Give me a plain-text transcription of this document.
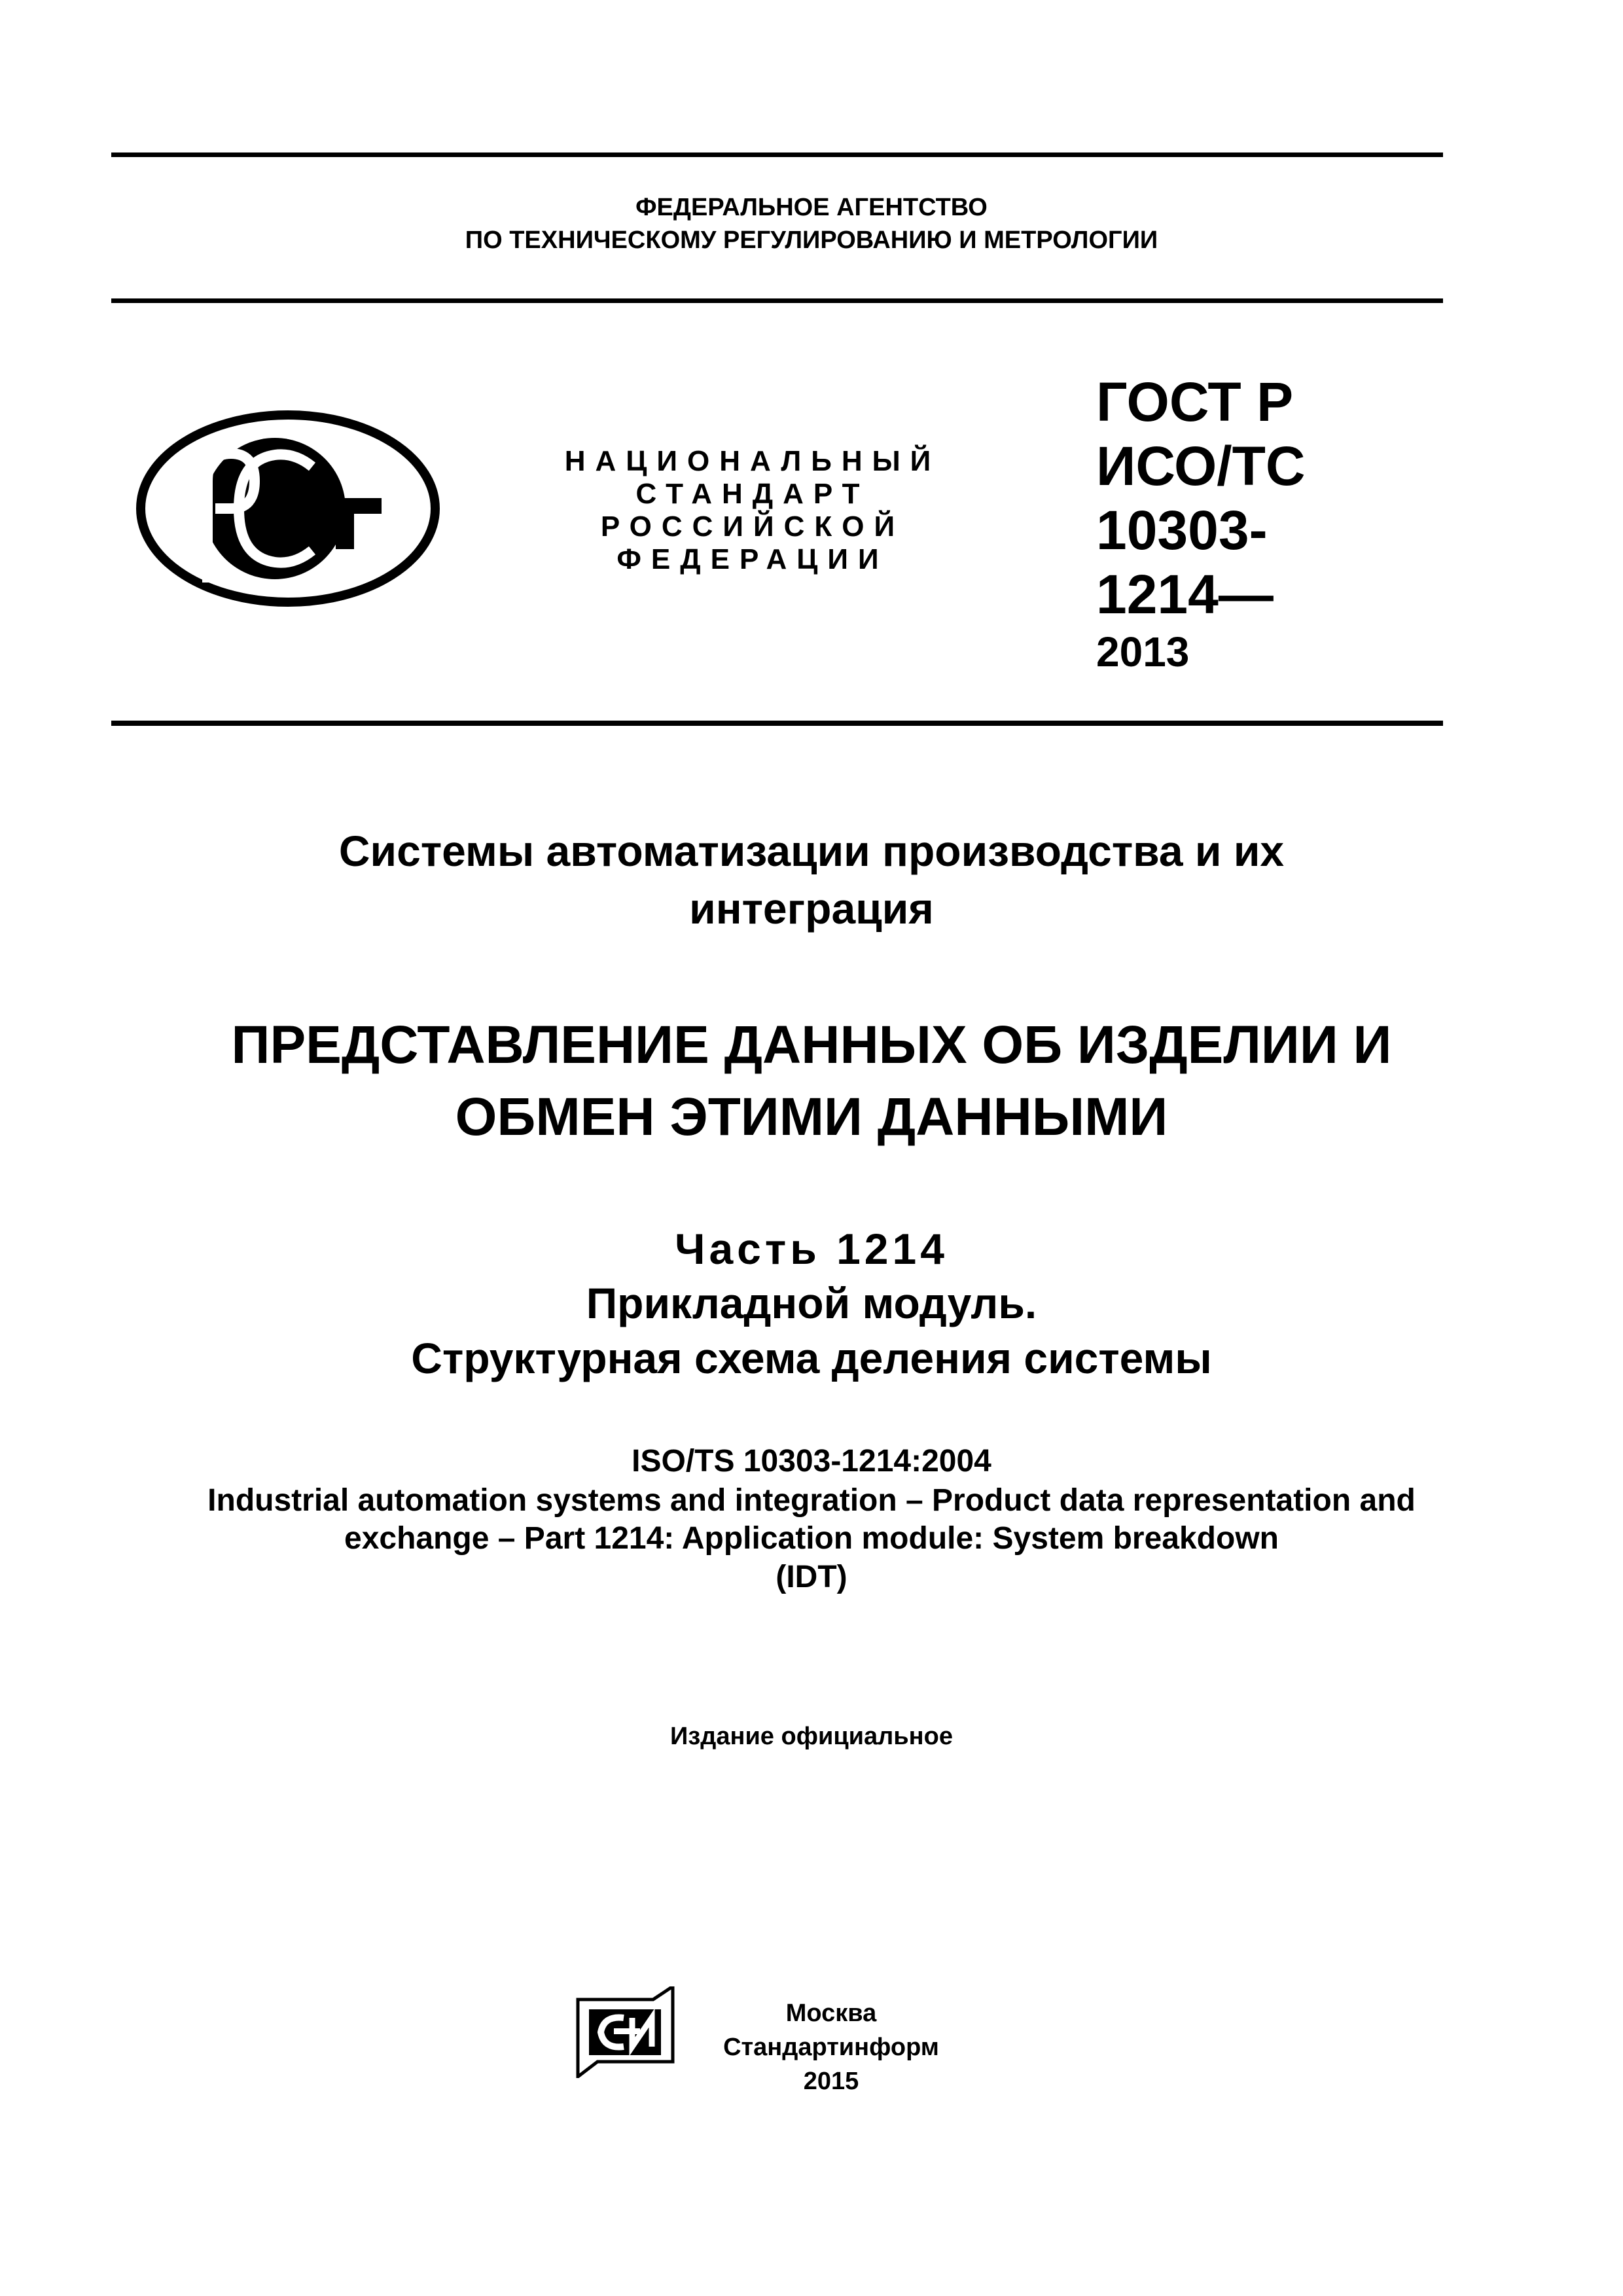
ФЕДЕРАЛЬНОЕ АГЕНТСТВО
ПО ТЕХНИЧЕСКОМУ РЕГУЛИРОВАНИЮ И МЕТРОЛОГИИ
НАЦИОНАЛЬНЫЙ
СТАНДАРТ
РОССИЙСКОЙ
ФЕДЕРАЦИИ
ГОСТ Р
ИСО/ТС
10303-
1214—
2013
Системы автоматизации производства и их
интеграция
ПРЕДСТАВЛЕНИЕ ДАННЫХ ОБ ИЗДЕЛИИ И
ОБМЕН ЭТИМИ ДАННЫМИ
Часть 1214
Прикладной модуль.
Структурная схема деления системы
ISO/TS 10303-1214:2004
Industrial automation systems and integration – Product data representation and
exchange – Part 1214: Application module: System breakdown
(IDT)
Издание официальное
Москва
Стандартинформ
2015
